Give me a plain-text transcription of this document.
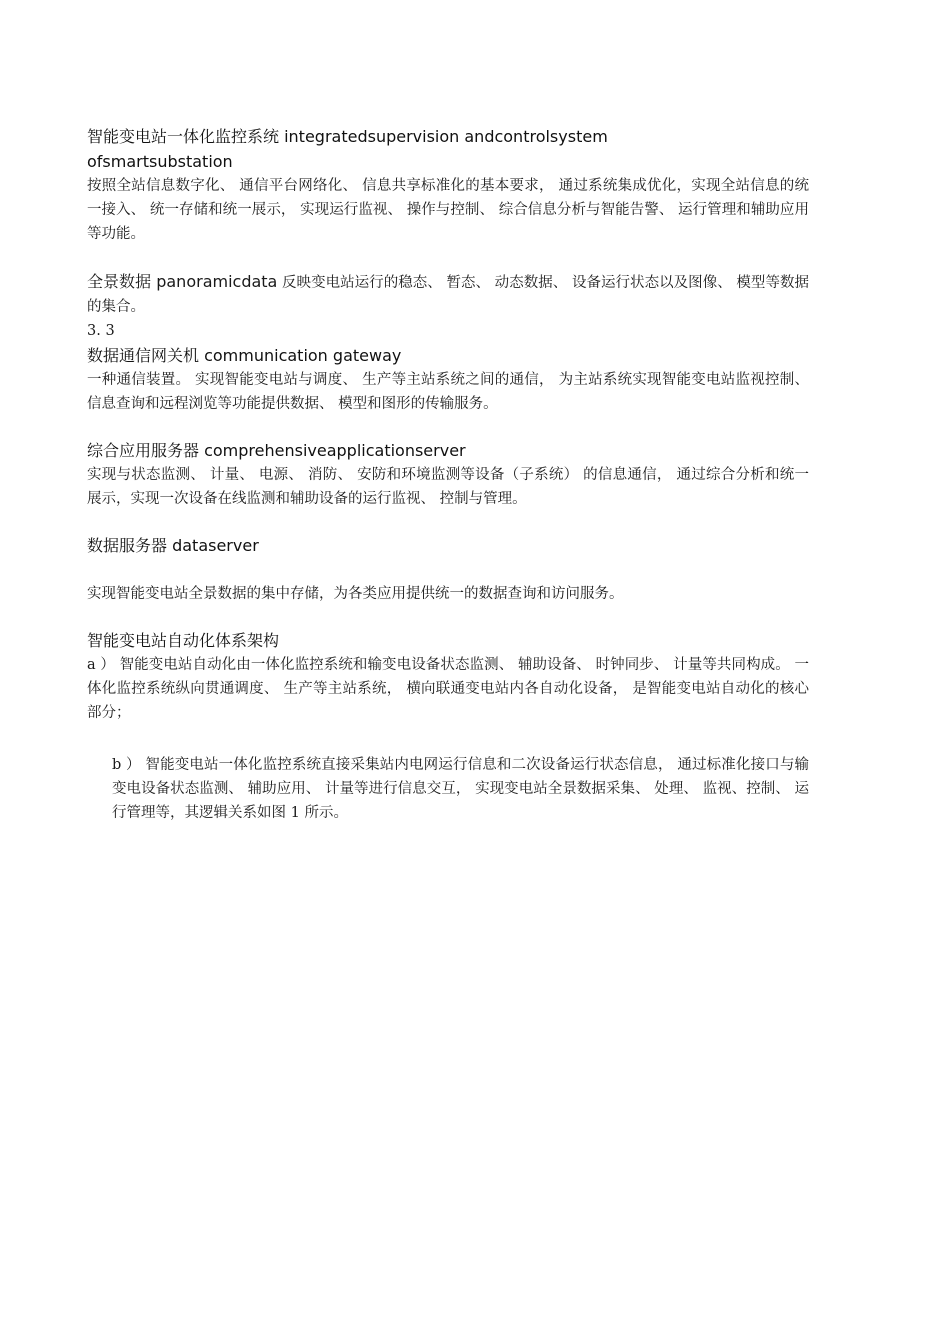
智能变电站一体化监控系统 integratedsupervision andcontrolsystem

ofsmartsubstation

按照全站信息数字化、 通信平台网络化、 信息共享标准化的基本要求， 通过系统集成优化，实现全站信息的统一接入、 统一存储和统一展示， 实现运行监视、 操作与控制、 综合信息分析与智能告警、 运行管理和辅助应用等功能。

全景数据 panoramicdata 反映变电站运行的稳态、 暂态、 动态数据、 设备运行状态以及图像、 模型等数据的集合。

3. 3

数据通信网关机 communication gateway

一种通信装置。 实现智能变电站与调度、 生产等主站系统之间的通信， 为主站系统实现智能变电站监视控制、 信息查询和远程浏览等功能提供数据、 模型和图形的传输服务。

综合应用服务器 comprehensiveapplicationserver

实现与状态监测、 计量、 电源、 消防、 安防和环境监测等设备（子系统） 的信息通信， 通过综合分析和统一展示，实现一次设备在线监测和辅助设备的运行监视、 控制与管理。

数据服务器 dataserver

实现智能变电站全景数据的集中存储，为各类应用提供统一的数据查询和访问服务。

智能变电站自动化体系架构

a ） 智能变电站自动化由一体化监控系统和输变电设备状态监测、 辅助设备、 时钟同步、 计量等共同构成。 一体化监控系统纵向贯通调度、 生产等主站系统， 横向联通变电站内各自动化设备， 是智能变电站自动化的核心部分；

b ） 智能变电站一体化监控系统直接采集站内电网运行信息和二次设备运行状态信息， 通过标准化接口与输变电设备状态监测、 辅助应用、 计量等进行信息交互， 实现变电站全景数据采集、 处理、 监视、控制、 运行管理等，其逻辑关系如图 1 所示。
